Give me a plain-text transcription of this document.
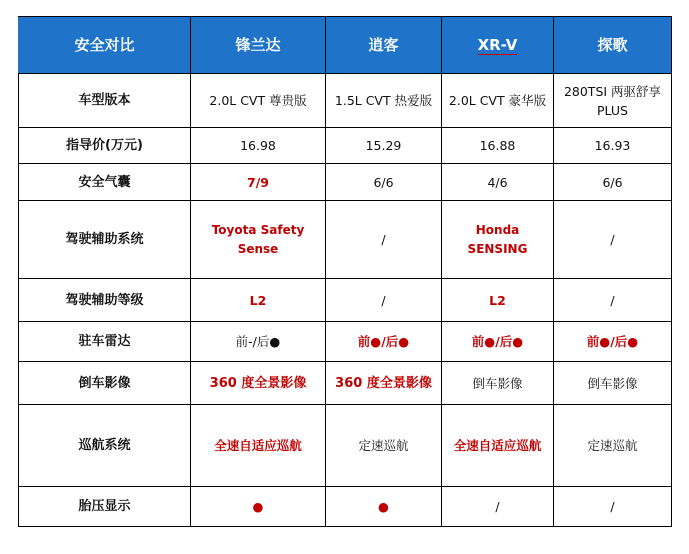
安全对比	锋兰达	逍客	XR-V	探歌
车型版本	2.0L CVT 尊贵版	1.5L CVT 热爱版	2.0L CVT 豪华版	280TSI 两驱舒享PLUS
指导价(万元)	16.98	15.29	16.88	16.93
安全气囊	7/9	6/6	4/6	6/6
驾驶辅助系统	Toyota Safety Sense	/	Honda SENSING	/
驾驶辅助等级	L2	/	L2	/
驻车雷达	前-/后●	前●/后●	前●/后●	前●/后●
倒车影像	360 度全景影像	360 度全景影像	倒车影像	倒车影像
巡航系统	全速自适应巡航	定速巡航	全速自适应巡航	定速巡航
胎压显示	●	●	/	/
